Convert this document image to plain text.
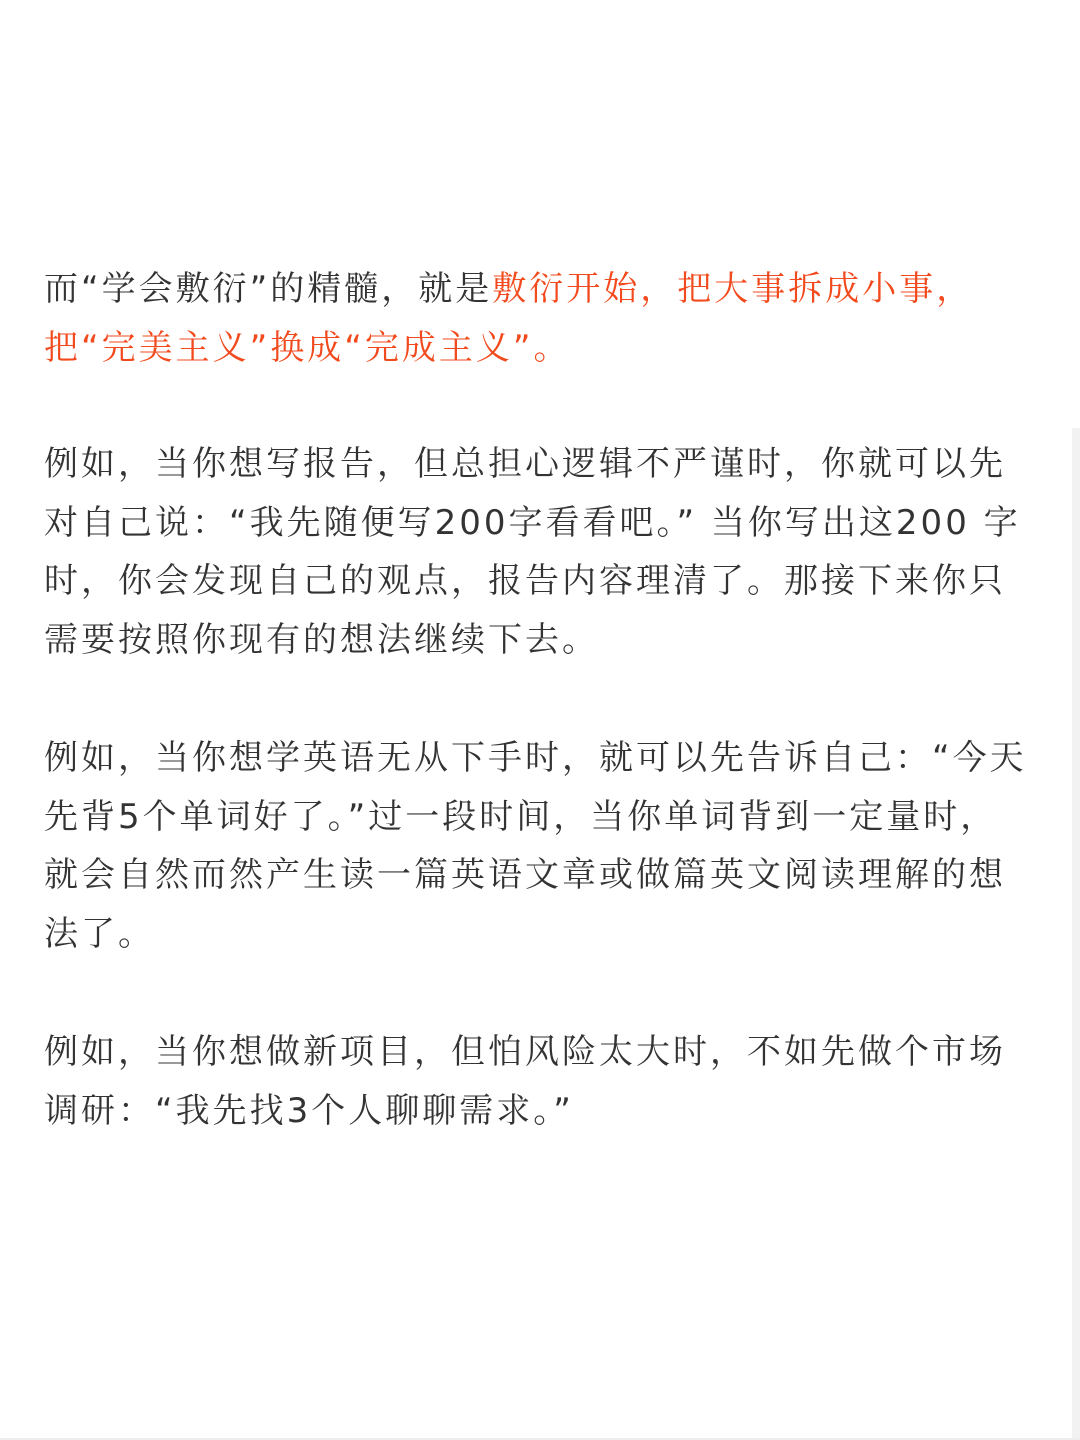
而“学会敷衍”的精髓，就是敷衍开始，把大事拆成小事，把“完美主义”换成“完成主义”。

例如，当你想写报告，但总担心逻辑不严谨时，你就可以先对自己说：“我先随便写200字看看吧。” 当你写出这200 字时，你会发现自己的观点，报告内容理清了。那接下来你只需要按照你现有的想法继续下去。

例如，当你想学英语无从下手时，就可以先告诉自己：“今天先背5个单词好了。”过一段时间，当你单词背到一定量时，就会自然而然产生读一篇英语文章或做篇英文阅读理解的想法了。

例如，当你想做新项目，但怕风险太大时，不如先做个市场调研：“我先找3个人聊聊需求。”
